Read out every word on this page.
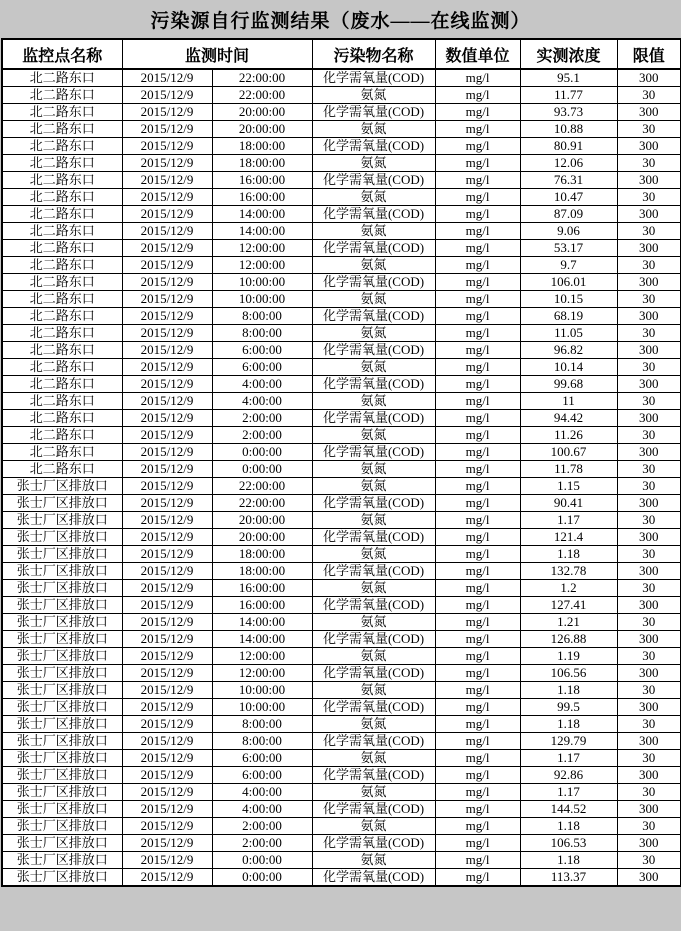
污染源自行监测结果（废水——在线监测）
监控点名称	监测时间		污染物名称	数值单位	实测浓度	限值
北二路东口	2015/12/9	22:00:00	化学需氧量(COD)	mg/l	95.1	300
北二路东口	2015/12/9	22:00:00	氨氮	mg/l	11.77	30
北二路东口	2015/12/9	20:00:00	化学需氧量(COD)	mg/l	93.73	300
北二路东口	2015/12/9	20:00:00	氨氮	mg/l	10.88	30
北二路东口	2015/12/9	18:00:00	化学需氧量(COD)	mg/l	80.91	300
北二路东口	2015/12/9	18:00:00	氨氮	mg/l	12.06	30
北二路东口	2015/12/9	16:00:00	化学需氧量(COD)	mg/l	76.31	300
北二路东口	2015/12/9	16:00:00	氨氮	mg/l	10.47	30
北二路东口	2015/12/9	14:00:00	化学需氧量(COD)	mg/l	87.09	300
北二路东口	2015/12/9	14:00:00	氨氮	mg/l	9.06	30
北二路东口	2015/12/9	12:00:00	化学需氧量(COD)	mg/l	53.17	300
北二路东口	2015/12/9	12:00:00	氨氮	mg/l	9.7	30
北二路东口	2015/12/9	10:00:00	化学需氧量(COD)	mg/l	106.01	300
北二路东口	2015/12/9	10:00:00	氨氮	mg/l	10.15	30
北二路东口	2015/12/9	8:00:00	化学需氧量(COD)	mg/l	68.19	300
北二路东口	2015/12/9	8:00:00	氨氮	mg/l	11.05	30
北二路东口	2015/12/9	6:00:00	化学需氧量(COD)	mg/l	96.82	300
北二路东口	2015/12/9	6:00:00	氨氮	mg/l	10.14	30
北二路东口	2015/12/9	4:00:00	化学需氧量(COD)	mg/l	99.68	300
北二路东口	2015/12/9	4:00:00	氨氮	mg/l	11	30
北二路东口	2015/12/9	2:00:00	化学需氧量(COD)	mg/l	94.42	300
北二路东口	2015/12/9	2:00:00	氨氮	mg/l	11.26	30
北二路东口	2015/12/9	0:00:00	化学需氧量(COD)	mg/l	100.67	300
北二路东口	2015/12/9	0:00:00	氨氮	mg/l	11.78	30
张士厂区排放口	2015/12/9	22:00:00	氨氮	mg/l	1.15	30
张士厂区排放口	2015/12/9	22:00:00	化学需氧量(COD)	mg/l	90.41	300
张士厂区排放口	2015/12/9	20:00:00	氨氮	mg/l	1.17	30
张士厂区排放口	2015/12/9	20:00:00	化学需氧量(COD)	mg/l	121.4	300
张士厂区排放口	2015/12/9	18:00:00	氨氮	mg/l	1.18	30
张士厂区排放口	2015/12/9	18:00:00	化学需氧量(COD)	mg/l	132.78	300
张士厂区排放口	2015/12/9	16:00:00	氨氮	mg/l	1.2	30
张士厂区排放口	2015/12/9	16:00:00	化学需氧量(COD)	mg/l	127.41	300
张士厂区排放口	2015/12/9	14:00:00	氨氮	mg/l	1.21	30
张士厂区排放口	2015/12/9	14:00:00	化学需氧量(COD)	mg/l	126.88	300
张士厂区排放口	2015/12/9	12:00:00	氨氮	mg/l	1.19	30
张士厂区排放口	2015/12/9	12:00:00	化学需氧量(COD)	mg/l	106.56	300
张士厂区排放口	2015/12/9	10:00:00	氨氮	mg/l	1.18	30
张士厂区排放口	2015/12/9	10:00:00	化学需氧量(COD)	mg/l	99.5	300
张士厂区排放口	2015/12/9	8:00:00	氨氮	mg/l	1.18	30
张士厂区排放口	2015/12/9	8:00:00	化学需氧量(COD)	mg/l	129.79	300
张士厂区排放口	2015/12/9	6:00:00	氨氮	mg/l	1.17	30
张士厂区排放口	2015/12/9	6:00:00	化学需氧量(COD)	mg/l	92.86	300
张士厂区排放口	2015/12/9	4:00:00	氨氮	mg/l	1.17	30
张士厂区排放口	2015/12/9	4:00:00	化学需氧量(COD)	mg/l	144.52	300
张士厂区排放口	2015/12/9	2:00:00	氨氮	mg/l	1.18	30
张士厂区排放口	2015/12/9	2:00:00	化学需氧量(COD)	mg/l	106.53	300
张士厂区排放口	2015/12/9	0:00:00	氨氮	mg/l	1.18	30
张士厂区排放口	2015/12/9	0:00:00	化学需氧量(COD)	mg/l	113.37	300
